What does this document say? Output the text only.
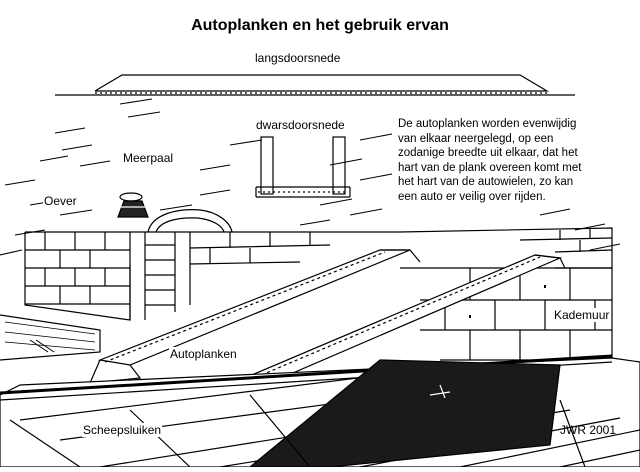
Autoplanken en het gebruik ervan
langsdoorsnede
dwarsdoorsnede
Meerpaal
Oever
Autoplanken
Kademuur
Scheepsluiken	JWR 2001
De autoplanken worden evenwijdig
van elkaar neergelegd, op een
zodanige breedte uit elkaar, dat het
hart van de plank overeen komt met
het hart van de autowielen, zo kan
een auto er veilig over rijden.
